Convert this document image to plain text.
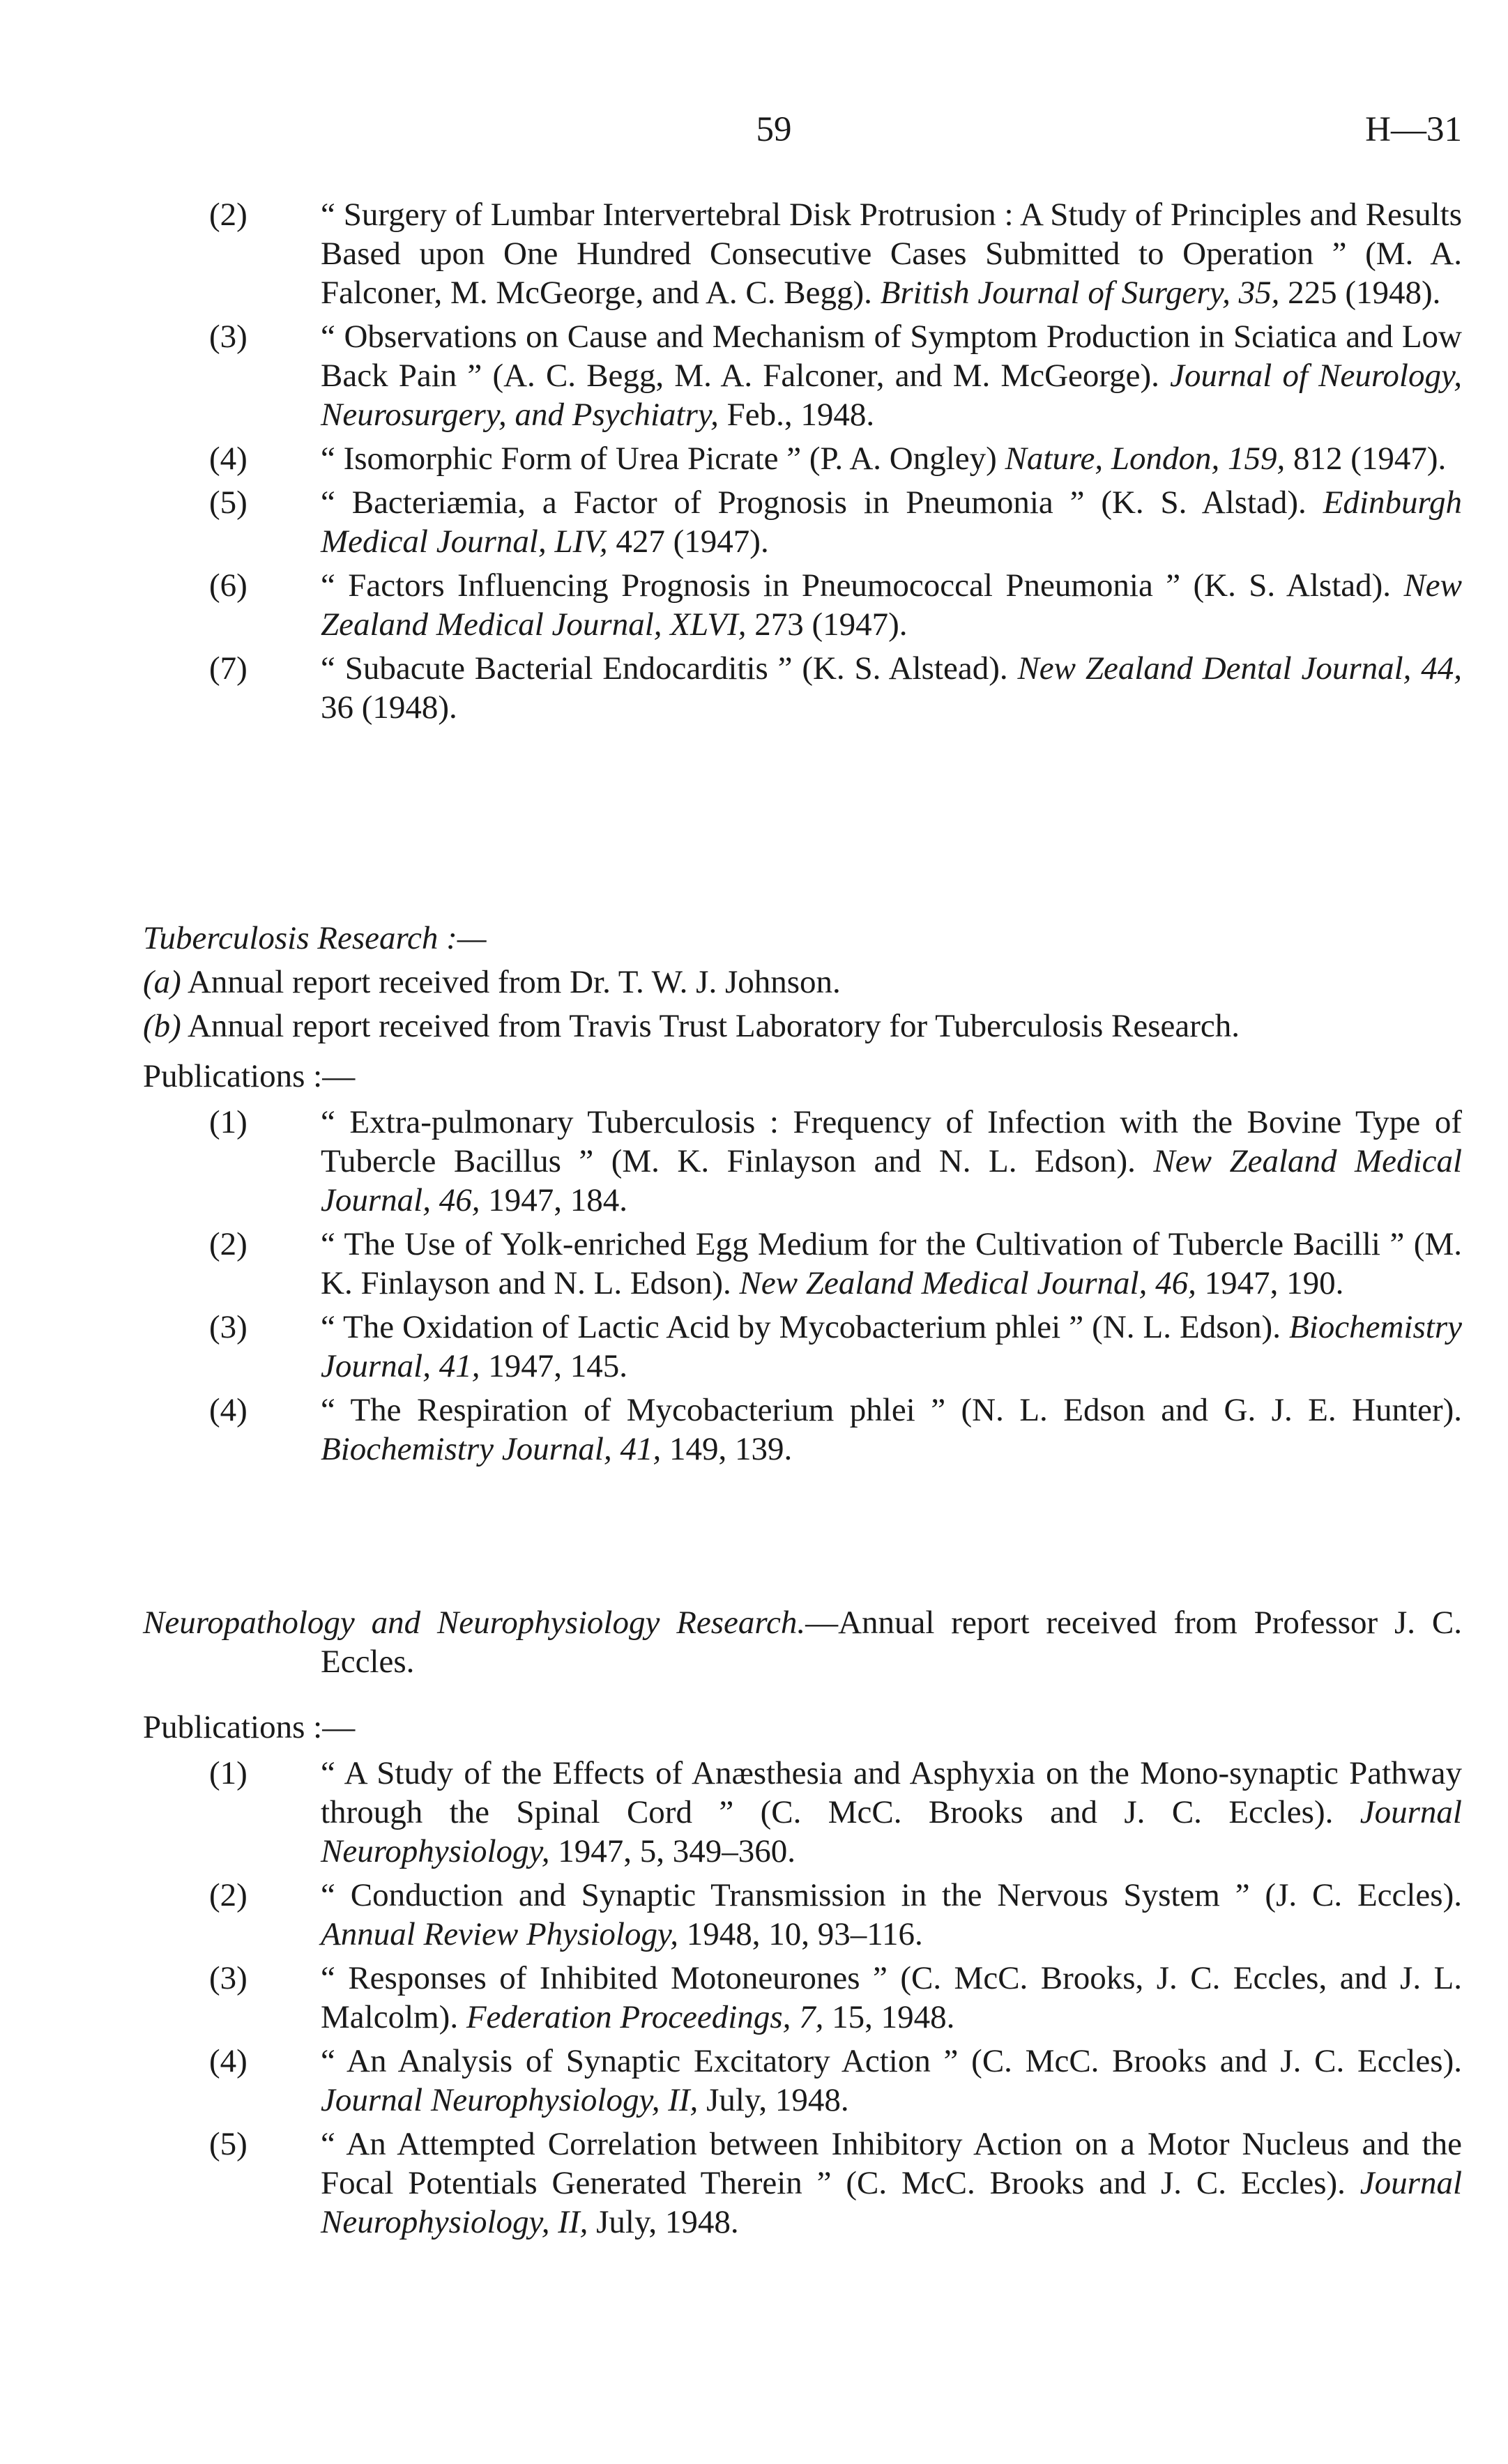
59	H—31
(2) “ Surgery of Lumbar Intervertebral Disk Protrusion : A Study of Principles and Results Based upon One Hundred Consecutive Cases Submitted to Operation ” (M. A. Falconer, M. McGeorge, and A. C. Begg). British Journal of Surgery, 35, 225 (1948).
(3) “ Observations on Cause and Mechanism of Symptom Production in Sciatica and Low Back Pain ” (A. C. Begg, M. A. Falconer, and M. McGeorge). Journal of Neurology, Neurosurgery, and Psychiatry, Feb., 1948.
(4) “ Isomorphic Form of Urea Picrate ” (P. A. Ongley) Nature, London, 159, 812 (1947).
(5) “ Bacteriæmia, a Factor of Prognosis in Pneumonia ” (K. S. Alstad). Edinburgh Medical Journal, LIV, 427 (1947).
(6) “ Factors Influencing Prognosis in Pneumococcal Pneumonia ” (K. S. Alstad). New Zealand Medical Journal, XLVI, 273 (1947).
(7) “ Subacute Bacterial Endocarditis ” (K. S. Alstead). New Zealand Dental Journal, 44, 36 (1948).
Tuberculosis Research :—
(a) Annual report received from Dr. T. W. J. Johnson.
(b) Annual report received from Travis Trust Laboratory for Tuberculosis Research.
Publications :—
(1) “ Extra-pulmonary Tuberculosis : Frequency of Infection with the Bovine Type of Tubercle Bacillus ” (M. K. Finlayson and N. L. Edson). New Zealand Medical Journal, 46, 1947, 184.
(2) “ The Use of Yolk-enriched Egg Medium for the Cultivation of Tubercle Bacilli ” (M. K. Finlayson and N. L. Edson). New Zealand Medical Journal, 46, 1947, 190.
(3) “ The Oxidation of Lactic Acid by Mycobacterium phlei ” (N. L. Edson). Biochemistry Journal, 41, 1947, 145.
(4) “ The Respiration of Mycobacterium phlei ” (N. L. Edson and G. J. E. Hunter). Biochemistry Journal, 41, 149, 139.
Neuropathology and Neurophysiology Research.—Annual report received from Professor J. C. Eccles.
Publications :—
(1) “ A Study of the Effects of Anæsthesia and Asphyxia on the Mono-synaptic Pathway through the Spinal Cord ” (C. McC. Brooks and J. C. Eccles). Journal Neurophysiology, 1947, 5, 349–360.
(2) “ Conduction and Synaptic Transmission in the Nervous System ” (J. C. Eccles). Annual Review Physiology, 1948, 10, 93–116.
(3) “ Responses of Inhibited Motoneurones ” (C. McC. Brooks, J. C. Eccles, and J. L. Malcolm). Federation Proceedings, 7, 15, 1948.
(4) “ An Analysis of Synaptic Excitatory Action ” (C. McC. Brooks and J. C. Eccles). Journal Neurophysiology, II, July, 1948.
(5) “ An Attempted Correlation between Inhibitory Action on a Motor Nucleus and the Focal Potentials Generated Therein ” (C. McC. Brooks and J. C. Eccles). Journal Neurophysiology, II, July, 1948.
